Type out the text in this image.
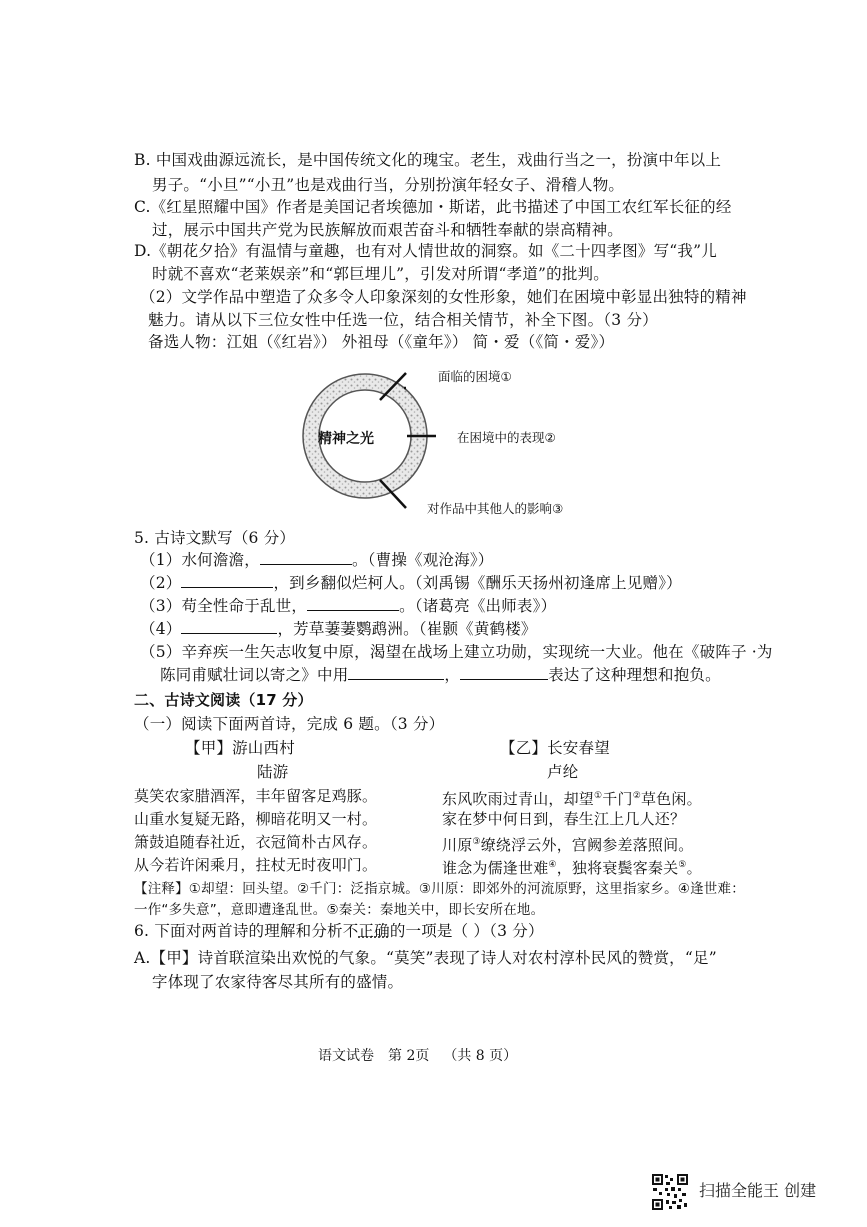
B. 中国戏曲源远流长，是中国传统文化的瑰宝。老生，戏曲行当之一，扮演中年以上
男子。“小旦”“小丑”也是戏曲行当，分别扮演年轻女子、滑稽人物。
C.《红星照耀中国》作者是美国记者埃德加・斯诺，此书描述了中国工农红军长征的经
过，展示中国共产党为民族解放而艰苦奋斗和牺牲奉献的崇高精神。
D.《朝花夕拾》有温情与童趣，也有对人情世故的洞察。如《二十四孝图》写“我”儿
时就不喜欢“老莱娱亲”和“郭巨埋儿”，引发对所谓“孝道”的批判。
（2）文学作品中塑造了众多令人印象深刻的女性形象，她们在困境中彰显出独特的精神
魅力。请从以下三位女性中任选一位，结合相关情节，补全下图。（3 分）
备选人物：江姐（《红岩》） 外祖母（《童年》） 简・爱（《简・爱》）
精神之光
面临的困境①
在困境中的表现②
对作品中其他人的影响③
5. 古诗文默写（6 分）
（1）水何澹澹，	。（曹操《观沧海》）
（2）	，到乡翻似烂柯人。（刘禹锡《酬乐天扬州初逢席上见赠》）
（3）苟全性命于乱世，	。（诸葛亮《出师表》）
（4）	，芳草萋萋鹦鹉洲。（崔颢《黄鹤楼》
（5）辛弃疾一生矢志收复中原，渴望在战场上建立功勋，实现统一大业。他在《破阵子 ·为
陈同甫赋壮词以寄之》中用	，	表达了这种理想和抱负。
二、古诗文阅读（17 分）
（一）阅读下面两首诗，完成 6 题。（3 分）
【甲】游山西村
陆游
莫笑农家腊酒浑，丰年留客足鸡豚。
山重水复疑无路，柳暗花明又一村。
箫鼓追随春社近，衣冠简朴古风存。
从今若许闲乘月，拄杖无时夜叩门。
【乙】长安春望
卢纶
东风吹雨过青山，却望①千门②草色闲。
家在梦中何日到，春生江上几人还？
川原③缭绕浮云外，宫阙参差落照间。
谁念为儒逢世难④，独将衰鬓客秦关⑤。
【注释】①却望：回头望。②千门：泛指京城。③川原：即郊外的河流原野，这里指家乡。④逢世难：
一作“多失意”，意即遭逢乱世。⑤秦关：秦地关中，即长安所在地。
6. 下面对两首诗的理解和分析不正确的一项是（ ）（3 分）
A.【甲】诗首联渲染出欢悦的气象。“莫笑”表现了诗人对农村淳朴民风的赞赏，“足”
字体现了农家待客尽其所有的盛情。
语文试卷 第 2页 （共 8 页）
扫描全能王 创建
